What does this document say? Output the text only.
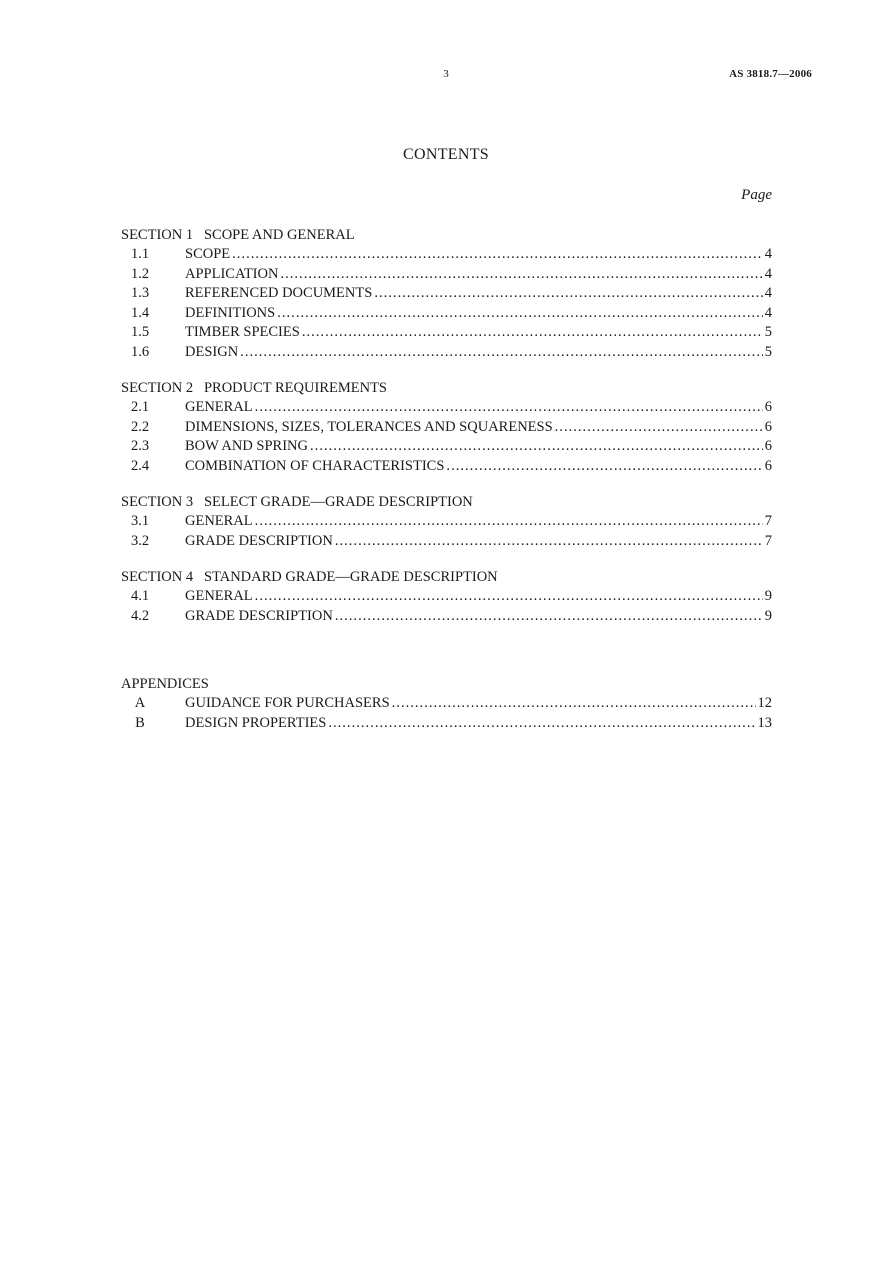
3	AS 3818.7—2006
CONTENTS
Page
SECTION 1   SCOPE AND GENERAL
1.1	SCOPE . . .	4
1.2	APPLICATION . . .	4
1.3	REFERENCED DOCUMENTS . . .	4
1.4	DEFINITIONS . . .	4
1.5	TIMBER SPECIES . . .	5
1.6	DESIGN . . .	5
SECTION 2   PRODUCT REQUIREMENTS
2.1	GENERAL . . .	6
2.2	DIMENSIONS, SIZES, TOLERANCES AND SQUARENESS . . .	6
2.3	BOW AND SPRING . . .	6
2.4	COMBINATION OF CHARACTERISTICS . . .	6
SECTION 3   SELECT GRADE—GRADE DESCRIPTION
3.1	GENERAL . . .	7
3.2	GRADE DESCRIPTION . . .	7
SECTION 4   STANDARD GRADE—GRADE DESCRIPTION
4.1	GENERAL . . .	9
4.2	GRADE DESCRIPTION . . .	9
APPENDICES
A	GUIDANCE FOR PURCHASERS . . .	12
B	DESIGN PROPERTIES . . .	13
